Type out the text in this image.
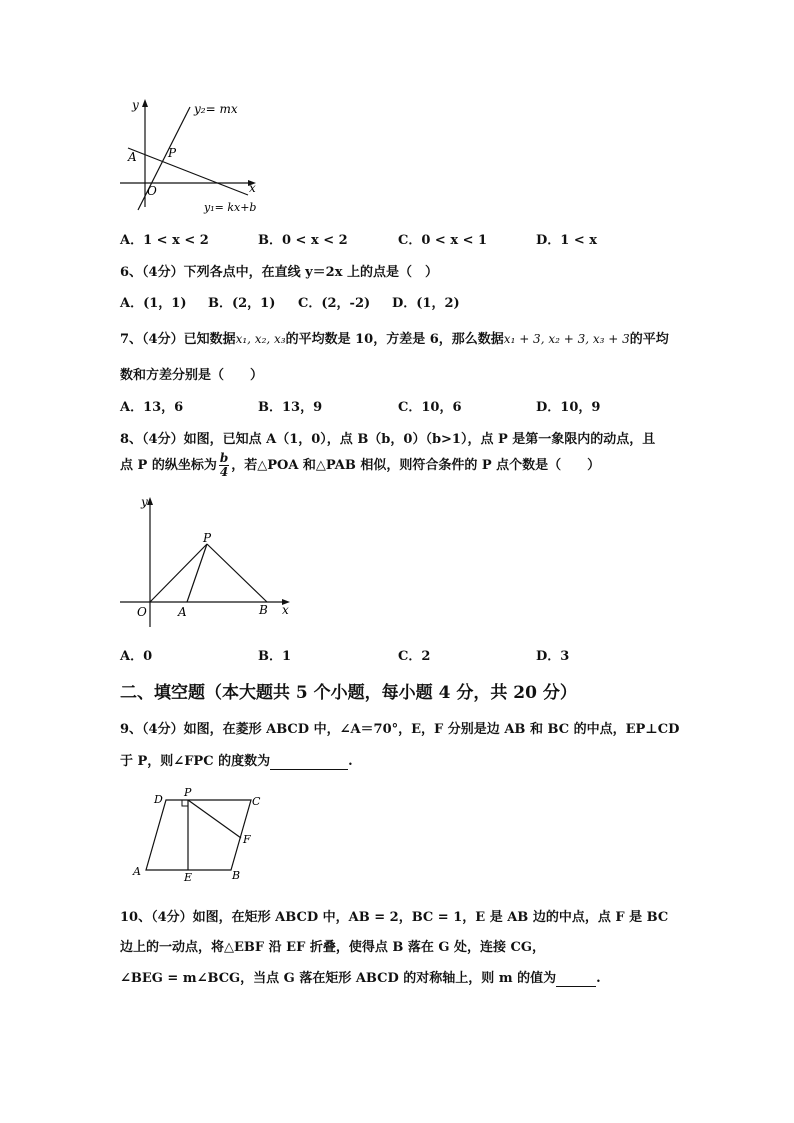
y
x
y₂= mx
y₁= kx+b
A	P
O
A．1 < x < 2	B．0 < x < 2	C．0 < x < 1	D．1 < x
6、（4分）下列各点中，在直线 y＝2x 上的点是（　）
A．(1，1) B．(2，1) C．(2，-2) D．(1，2)
7、（4分）已知数据x₁, x₂, x₃的平均数是 10，方差是 6，那么数据x₁ + 3, x₂ + 3, x₃ + 3的平均
数和方差分别是（　　）
A．13，6	B．13，9	C．10，6	D．10，9
8、（4分）如图，已知点 A（1，0），点 B（b，0）（b>1），点 P 是第一象限内的动点，且
点 P 的纵坐标为 $\frac{b}{4}$ ，若△POA 和△PAB 相似，则符合条件的 P 点个数是（　　）
y
x
O	A	B
P
A．0	B．1	C．2	D．3
二、填空题（本大题共 5 个小题，每小题 4 分，共 20 分）
9、（4分）如图，在菱形 ABCD 中，∠A＝70°，E，F 分别是边 AB 和 BC 的中点，EP⊥CD
于 P，则∠FPC 的度数为	.
D
P
C
F
A	E	B
10、（4分）如图，在矩形 ABCD 中，AB = 2，BC = 1，E 是 AB 边的中点，点 F 是 BC
边上的一动点，将△EBF 沿 EF 折叠，使得点 B 落在 G 处，连接 CG，
∠BEG = m∠BCG，当点 G 落在矩形 ABCD 的对称轴上，则 m 的值为	.
